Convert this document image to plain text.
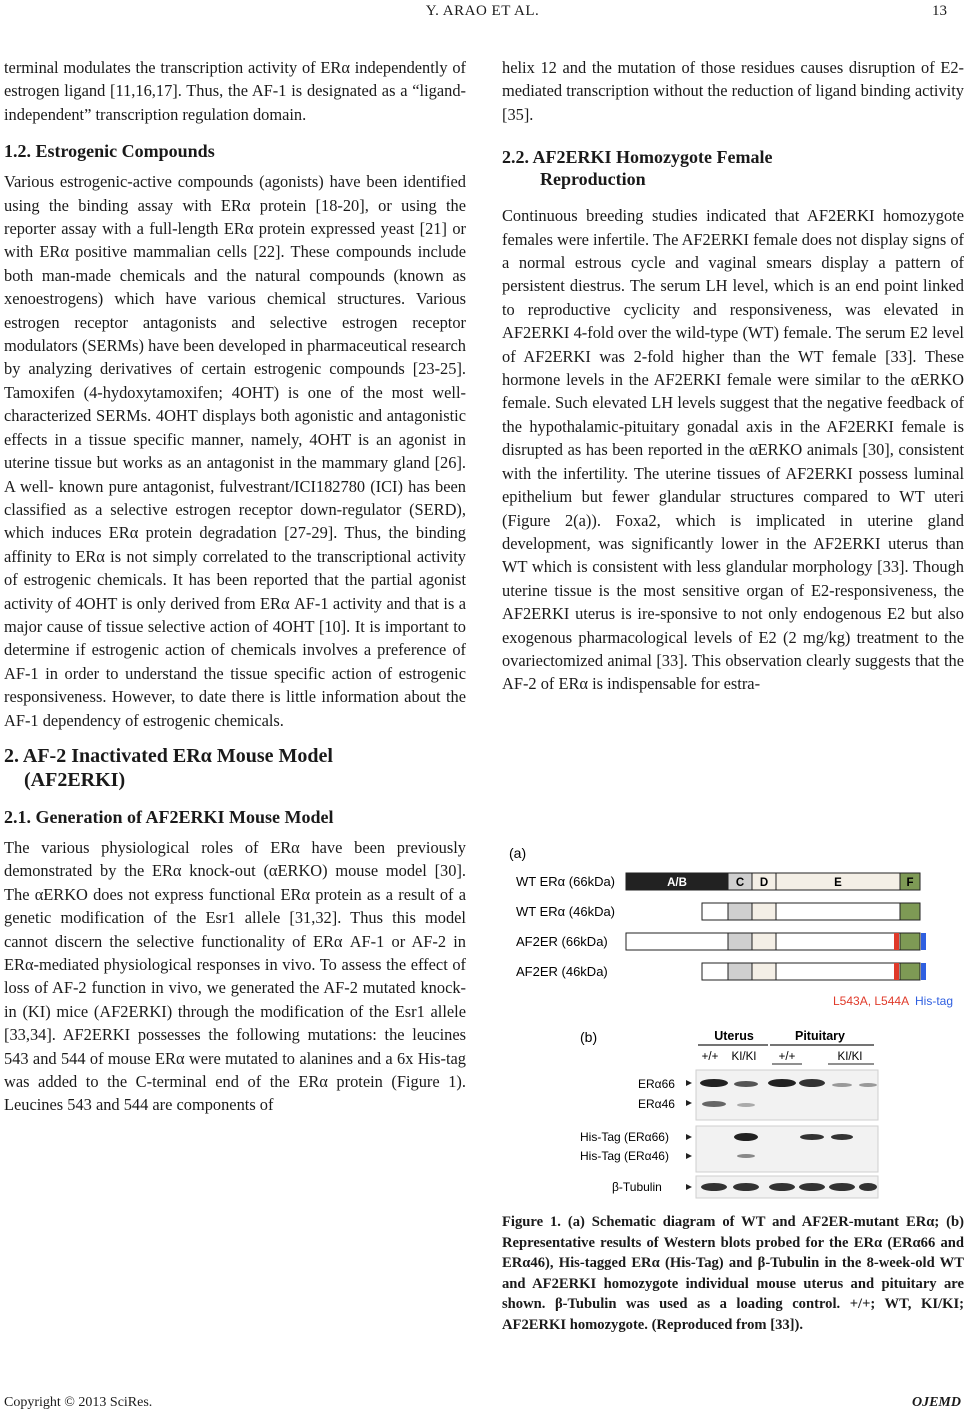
Y. ARAO ET AL.	13

terminal modulates the transcription activity of ERα independently of estrogen ligand [11,16,17]. Thus, the AF-1 is designated as a “ligand-independent” transcription regulation domain.

1.2. Estrogenic Compounds

Various estrogenic-active compounds (agonists) have been identified using the binding assay with ERα protein [18-20], or using the reporter assay with a full-length ERα protein expressed yeast [21] or with ERα positive mammalian cells [22]. These compounds include both man-made chemicals and the natural compounds (known as xenoestrogens) which have various chemical structures. Various estrogen receptor antagonists and selective estrogen receptor modulators (SERMs) have been developed in pharmaceutical research by analyzing derivatives of certain estrogenic compounds [23-25]. Tamoxifen (4-hydoxytamoxifen; 4OHT) is one of the most well-characterized SERMs. 4OHT displays both agonistic and antagonistic effects in a tissue specific manner, namely, 4OHT is an agonist in uterine tissue but works as an antagonist in the mammary gland [26]. A well- known pure antagonist, fulvestrant/ICI182780 (ICI) has been classified as a selective estrogen receptor down-regulator (SERD), which induces ERα protein degradation [27-29]. Thus, the binding affinity to ERα is not simply correlated to the transcriptional activity of estrogenic chemicals. It has been reported that the partial agonist activity of 4OHT is only derived from ERα AF-1 activity and that is a major cause of tissue selective action of 4OHT [10]. It is important to determine if estrogenic action of chemicals involves a preference of AF-1 in order to understand the tissue specific action of estrogenic responsiveness. However, to date there is little information about the AF-1 dependency of estrogenic chemicals.

2. AF-2 Inactivated ERα Mouse Model
(AF2ERKI)
2.1. Generation of AF2ERKI Mouse Model

The various physiological roles of ERα have been previously demonstrated by the ERα knock-out (αERKO) mouse model [30]. The αERKO does not express functional ERα protein as a result of a genetic modification of the Esr1 allele [31,32]. Thus this model cannot discern the selective functionality of ERα AF-1 or AF-2 in ERα-mediated physiological responses in vivo. To assess the effect of loss of AF-2 function in vivo, we generated the AF-2 mutated knock-in (KI) mice (AF2ERKI) through the modification of the Esr1 allele [33,34]. AF2ERKI possesses the following mutations: the leucines 543 and 544 of mouse ERα were mutated to alanines and a 6x His-tag was added to the C-terminal end of the ERα protein (Figure 1). Leucines 543 and 544 are components of

helix 12 and the mutation of those residues causes disruption of E2-mediated transcription without the reduction of ligand binding activity [35].

2.2. AF2ERKI Homozygote Female
Reproduction

Continuous breeding studies indicated that AF2ERKI homozygote females were infertile. The AF2ERKI female does not display signs of a normal estrous cycle and vaginal smears display a pattern of persistent diestrus. The serum LH level, which is an end point linked to reproductive cyclicity and responsiveness, was elevated in AF2ERKI 4-fold over the wild-type (WT) female. The serum E2 level of AF2ERKI was 2-fold higher than the WT female [33]. These hormone levels in the AF2ERKI female were similar to the αERKO female. Such elevated LH levels suggest that the negative feedback of the hypothalamic-pituitary gonadal axis in the AF2ERKI female is disrupted as has been reported in the αERKO animals [30], consistent with the infertility. The uterine tissues of AF2ERKI possess luminal epithelium but fewer glandular structures compared to WT uteri (Figure 2(a)). Foxa2, which is implicated in uterine gland development, was significantly lower in the AF2ERKI uterus than WT which is consistent with less glandular morphology [33]. Though uterine tissue is the most sensitive organ of E2-responsiveness, the AF2ERKI uterus is ire-sponsive to not only endogenous E2 but also exogenous pharmacological levels of E2 (2 mg/kg) treatment to the ovariectomized animal [33]. This observation clearly suggests that the AF-2 of ERα is indispensable for estra-

(a)
WT ERα (66kDa)	A/B	C D	E	F
WT ERα (46kDa)
AF2ER (66kDa)
AF2ER (46kDa)
L543A, L544A His-tag
(b)	Uterus	Pituitary
+/+ KI/KI +/+	KI/KI
ERα66
ERα46
His-Tag (ERα66)
His-Tag (ERα46)
β-Tubulin
Figure 1. (a) Schematic diagram of WT and AF2ER-mutant ERα; (b) Representative results of Western blots probed for the ERα (ERα66 and ERα46), His-tagged ERα (His-Tag) and β-Tubulin in the 8-week-old WT and AF2ERKI homozygote individual mouse uterus and pituitary are shown. β-Tubulin was used as a loading control. +/+; WT, KI/KI; AF2ERKI homozygote. (Reproduced from [33]).
Copyright © 2013 SciRes.	OJEMD
